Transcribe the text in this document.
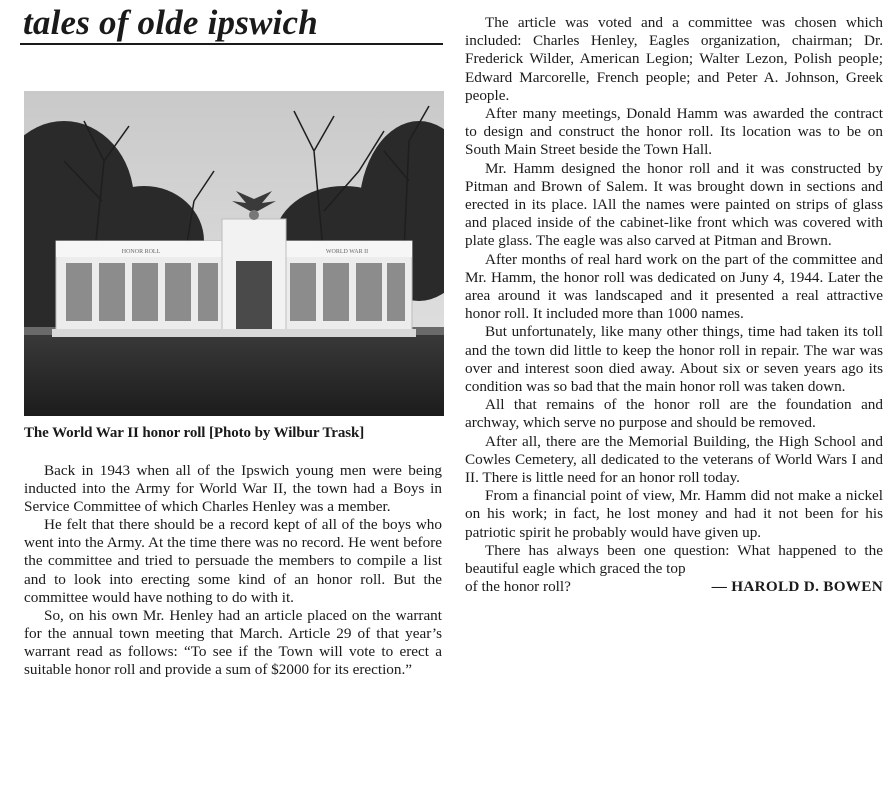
tales of olde ipswich
HONOR ROLL	WORLD WAR II
The World War II honor roll [Photo by Wilbur Trask]

Back in 1943 when all of the Ipswich young men were being inducted into the Army for World War II, the town had a Boys in Service Committee of which Charles Henley was a member.

He felt that there should be a record kept of all of the boys who went into the Army. At the time there was no record. He went before the committee and tried to persuade the members to compile a list and to look into erecting some kind of an honor roll. But the committee would have nothing to do with it.

So, on his own Mr. Henley had an article placed on the warrant for the annual town meeting that March. Article 29 of that year’s warrant read as follows: “To see if the Town will vote to erect a suitable honor roll and provide a sum of $2000 for its erection.”

The article was voted and a committee was chosen which included: Charles Henley, Eagles organization, chairman; Dr. Frederick Wilder, American Legion; Walter Lezon, Polish people; Edward Marcorelle, French people; and Peter A. Johnson, Greek people.

After many meetings, Donald Hamm was awarded the contract to design and construct the honor roll. Its location was to be on South Main Street beside the Town Hall.

Mr. Hamm designed the honor roll and it was constructed by Pitman and Brown of Salem. It was brought down in sections and erected in its place. lAll the names were painted on strips of glass and placed inside of the cabinet-like front which was covered with plate glass. The eagle was also carved at Pitman and Brown.

After months of real hard work on the part of the committee and Mr. Hamm, the honor roll was dedicated on Juny 4, 1944. Later the area around it was landscaped and it presented a real attractive honor roll. It included more than 1000 names.

But unfortunately, like many other things, time had taken its toll and the town did little to keep the honor roll in repair. The war was over and interest soon died away. About six or seven years ago its condition was so bad that the main honor roll was taken down.

All that remains of the honor roll are the foundation and archway, which serve no purpose and should be removed.

After all, there are the Memorial Building, the High School and Cowles Cemetery, all dedicated to the veterans of World Wars I and II. There is little need for an honor roll today.

From a financial point of view, Mr. Hamm did not make a nickel on his work; in fact, he lost money and had it not been for his patriotic spirit he probably would have given up.

There has always been one question: What happened to the beautiful eagle which graced the top

of the honor roll?	— HAROLD D. BOWEN
